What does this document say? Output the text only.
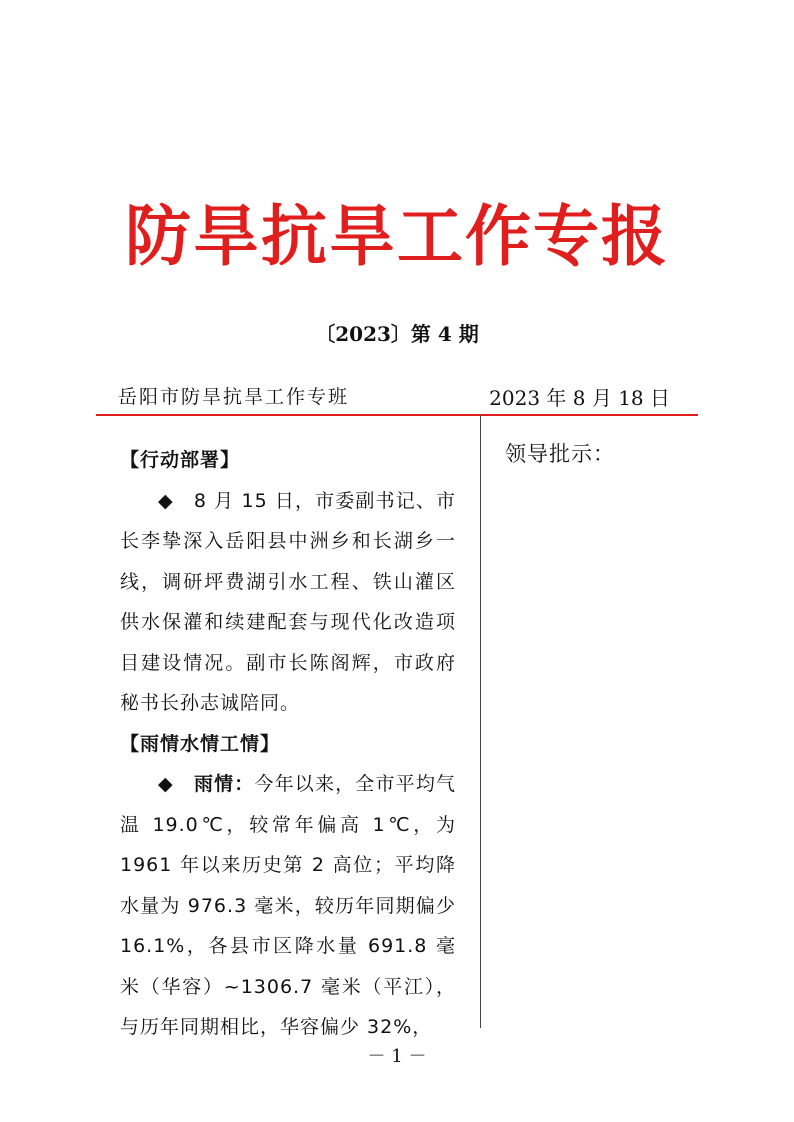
防旱抗旱工作专报
〔2023〕第 4 期
岳阳市防旱抗旱工作专班	2023 年 8 月 18 日
【行动部署】

◆　8 月 15 日，市委副书记、市长李挚深入岳阳县中洲乡和长湖乡一线，调研坪费湖引水工程、铁山灌区供水保灌和续建配套与现代化改造项目建设情况。副市长陈阁辉，市政府秘书长孙志诚陪同。

【雨情水情工情】

◆　雨情：今年以来，全市平均气温 19.0℃，较常年偏高 1℃，为 1961 年以来历史第 2 高位；平均降水量为 976.3 毫米，较历年同期偏少 16.1%，各县市区降水量 691.8 毫米（华容）~1306.7 毫米（平江），与历年同期相比，华容偏少 32%，

领导批示：
－ 1 －
